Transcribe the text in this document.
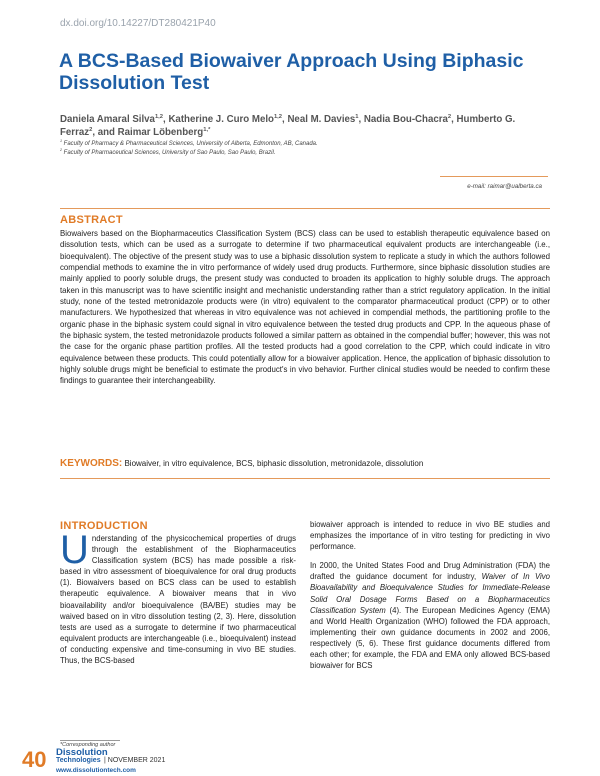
dx.doi.org/10.14227/DT280421P40
A BCS-Based Biowaiver Approach Using Biphasic Dissolution Test
Daniela Amaral Silva$^{1,2}$, Katherine J. Curo Melo$^{1,2}$, Neal M. Davies$^1$, Nadia Bou-Chacra$^2$, Humberto G. Ferraz$^2$, and Raimar Löbenberg$^{1,*}$
$^1$ Faculty of Pharmacy & Pharmaceutical Sciences, University of Alberta, Edmonton, AB, Canada.
$^2$ Faculty of Pharmaceutical Sciences, University of Sao Paulo, Sao Paulo, Brazil.
e-mail: raimar@ualberta.ca
ABSTRACT
Biowaivers based on the Biopharmaceutics Classification System (BCS) class can be used to establish therapeutic equivalence based on dissolution tests, which can be used as a surrogate to determine if two pharmaceutical equivalent products are interchangeable (i.e., bioequivalent). The objective of the present study was to use a biphasic dissolution system to replicate a study in which the authors followed compendial methods to examine the in vitro performance of widely used drug products. Furthermore, since biphasic dissolution studies are mainly applied to poorly soluble drugs, the present study was conducted to broaden its application to highly soluble drugs. The approach taken in this manuscript was to have scientific insight and mechanistic understanding rather than a strict regulatory application. In the initial study, none of the tested metronidazole products were (in vitro) equivalent to the comparator pharmaceutical product (CPP) or to other manufacturers. We hypothesized that whereas in vitro equivalence was not achieved in compendial methods, the partitioning profile to the organic phase in the biphasic system could signal in vitro equivalence between the tested drug products and CPP. In the aqueous phase of the biphasic system, the tested metronidazole products followed a similar pattern as obtained in the compendial buffer; however, this was not the case for the organic phase partition profiles. All the tested products had a good correlation to the CPP, which could indicate in vitro equivalence between these products. This could potentially allow for a biowaiver application. Hence, the application of biphasic dissolution to highly soluble drugs might be beneficial to estimate the product's in vivo behavior. Further clinical studies would be needed to confirm these findings to guarantee their interchangeability.
KEYWORDS: Biowaiver, in vitro equivalence, BCS, biphasic dissolution, metronidazole, dissolution
INTRODUCTION
Understanding of the physicochemical properties of drugs through the establishment of the Biopharmaceutics Classification system (BCS) has made possible a risk-based in vitro assessment of bioequivalence for oral drug products (1). Biowaivers based on BCS class can be used to establish therapeutic equivalence. A biowaiver means that in vivo bioavailability and/or bioequivalence (BA/BE) studies may be waived based on in vitro dissolution testing (2, 3). Here, dissolution tests are used as a surrogate to determine if two pharmaceutical equivalent products are interchangeable (i.e., bioequivalent) instead of conducting expensive and time-consuming in vivo BE studies. Thus, the BCS-based

biowaiver approach is intended to reduce in vivo BE studies and emphasizes the importance of in vitro testing for predicting in vivo performance.

In 2000, the United States Food and Drug Administration (FDA) the drafted the guidance document for industry, Waiver of In Vivo Bioavailability and Bioequivalence Studies for Immediate-Release Solid Oral Dosage Forms Based on a Biopharmaceutics Classification System (4). The European Medicines Agency (EMA) and World Health Organization (WHO) followed the FDA approach, implementing their own guidance documents in 2002 and 2006, respectively (5, 6). These first guidance documents differed from each other; for example, the FDA and EMA only allowed BCS-based biowaiver for BCS

*Corresponding author
40 Dissolution
Technologies | NOVEMBER 2021
www.dissolutiontech.com
